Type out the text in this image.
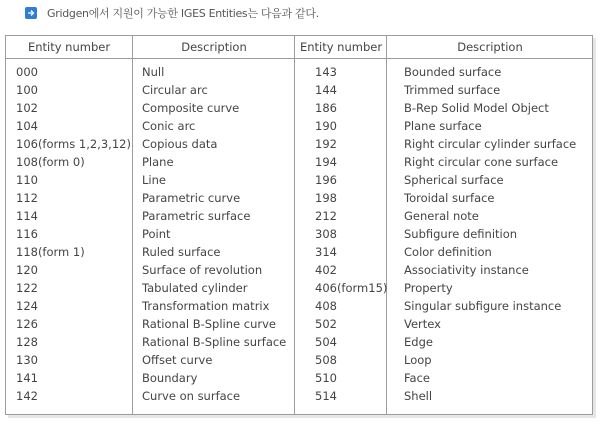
Gridgen에서 지원이 가능한 IGES Entities는 다음과 같다.
Entity number	Description	Entity number	Description
000	Null	143	Bounded surface
100	Circular arc	144	Trimmed surface
102	Composite curve	186	B-Rep Solid Model Object
104	Conic arc	190	Plane surface
106(forms 1,2,3,12) Copious data	192	Right circular cylinder surface
108(form 0)	Plane	194	Right circular cone surface
110	Line	196	Spherical surface
112	Parametric curve	198	Toroidal surface
114	Parametric surface	212	General note
116	Point	308	Subfigure definition
118(form 1)	Ruled surface	314	Color definition
120	Surface of revolution	402	Associativity instance
122	Tabulated cylinder	406(form15) Property
124	Transformation matrix	408	Singular subfigure instance
126	Rational B-Spline curve	502	Vertex
128	Rational B-Spline surface 504	Edge
130	Offset curve	508	Loop
141	Boundary	510	Face
142	Curve on surface	514	Shell
